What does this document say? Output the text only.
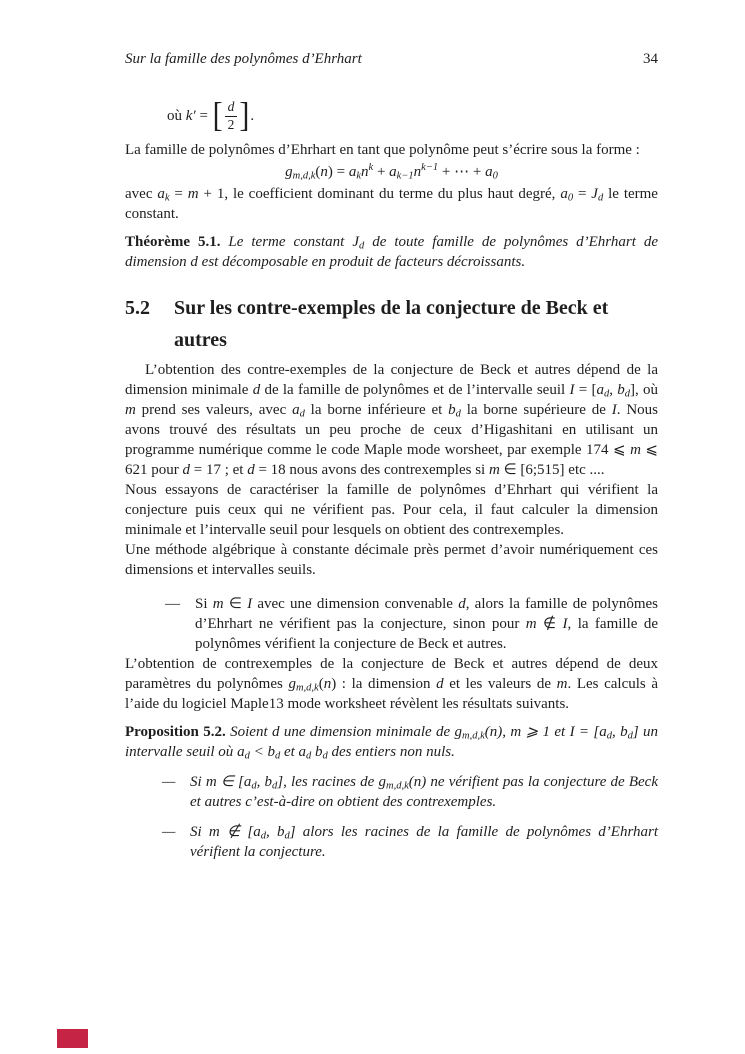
Sur la famille des polynômes d’Ehrhart	34
où k′ = [ $\frac{d}{2}$ ] .

La famille de polynômes d’Ehrhart en tant que polynôme peut s’écrire sous la forme :

$g_{m,d,k}(n) = a_kn^k + a_{k-1}n^{k-1}$ + ⋯ + $a_0$

avec $a_k = m + 1$, le coefficient dominant du terme du plus haut degré, $a_0 = J_d$ le terme constant.

Théorème 5.1. Le terme constant $J_d$ de toute famille de polynômes d’Ehrhart de dimension d est décomposable en produit de facteurs décroissants.

5.2	Sur les contre-exemples de la conjecture de Beck et autres

L’obtention des contre-exemples de la conjecture de Beck et autres dépend de la dimension minimale d de la famille de polynômes et de l’intervalle seuil $I = [a_d$, $b_d$], où m prend ses valeurs, avec $a_d$ la borne inférieure et $b_d$ la borne supérieure de I. Nous avons trouvé des résultats un peu proche de ceux d’Higashitani en utilisant un programme numérique comme le code Maple mode worsheet, par exemple 174 ⩽ m ⩽ 621 pour d = 17 ; et d = 18 nous avons des contrexemples si m ∈ [6;515] etc ....

Nous essayons de caractériser la famille de polynômes d’Ehrhart qui vérifient la conjecture puis ceux qui ne vérifient pas. Pour cela, il faut calculer la dimension minimale et l’intervalle seuil pour lesquels on obtient des contrexemples.

Une méthode algébrique à constante décimale près permet d’avoir numériquement ces dimensions et intervalles seuils.

—	Si m ∈ I avec une dimension convenable d, alors la famille de polynômes d’Ehrhart ne vérifient pas la conjecture, sinon pour m ∉ I, la famille de polynômes vérifient la conjecture de Beck et autres.

L’obtention de contrexemples de la conjecture de Beck et autres dépend de deux paramètres du polynômes $g_{m,d,k}(n)$ : la dimension d et les valeurs de m. Les calculs à l’aide du logiciel Maple13 mode worksheet révèlent les résultats suivants.

Proposition 5.2. Soient d une dimension minimale de $g_{m,d,k}(n)$, m ⩾ 1 et $I = [a_d$, $b_d$] un intervalle seuil où $a_d < b_d$ et $a_d$ $b_d$ des entiers non nuls.

— Si m ∈ [$a_d$, $b_d$], les racines de $g_{m,d,k}(n)$ ne vérifient pas la conjecture de Beck et autres c’est-à-dire on obtient des contrexemples.
— Si m ∉ [$a_d$, $b_d$] alors les racines de la famille de polynômes d’Ehrhart vérifient la conjecture.
